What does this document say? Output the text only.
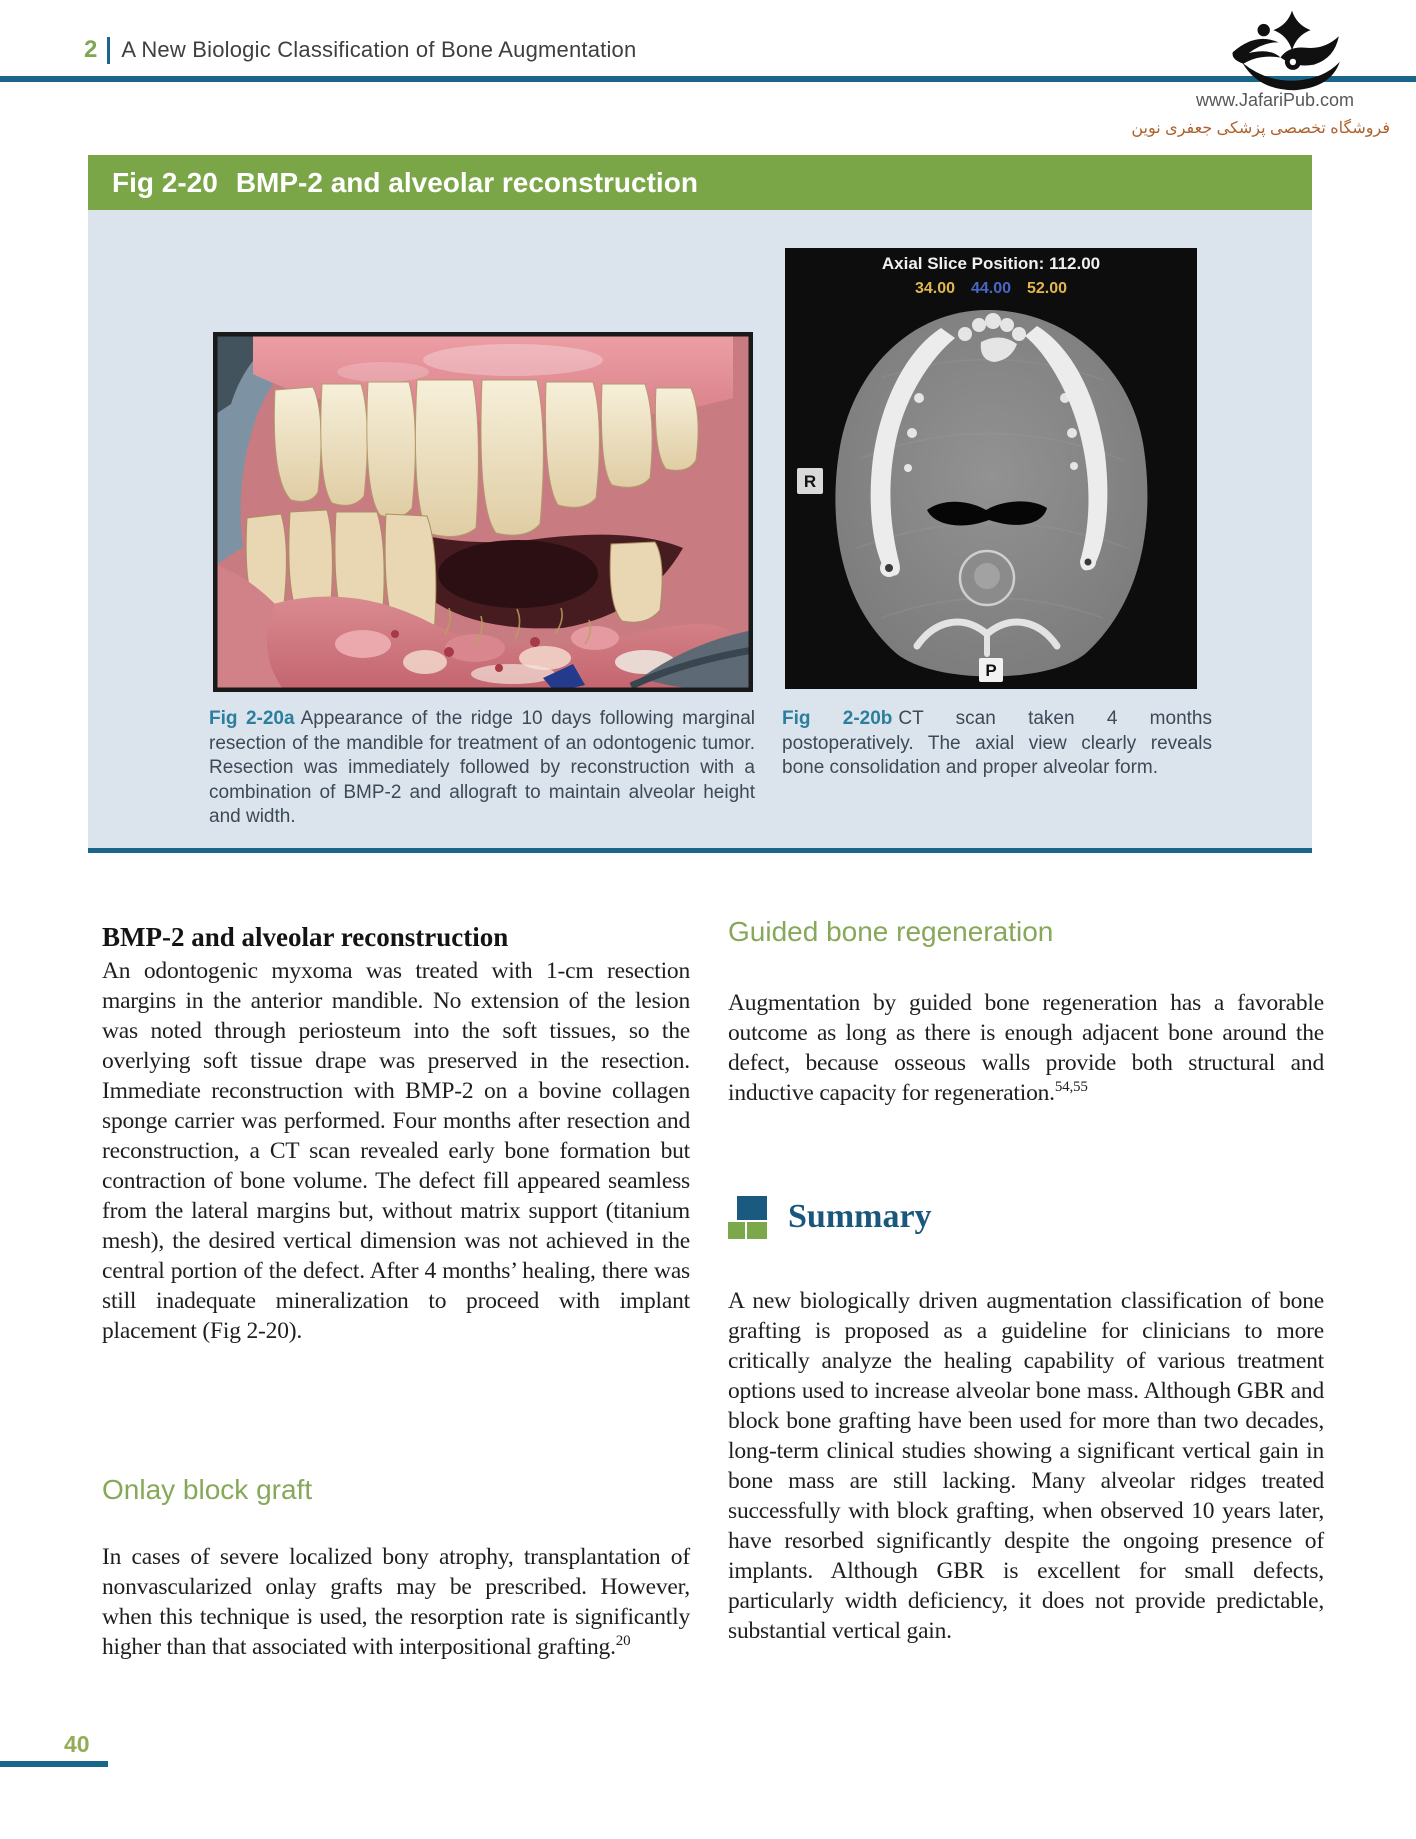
2 A New Biologic Classification of Bone Augmentation
www.JafariPub.com
فروشگاه تخصصی پزشکی جعفری نوین
Fig 2-20 BMP-2 and alveolar reconstruction
Axial Slice Position: 112.00
34.00 44.00 52.00
R
P
Fig 2-20a Appearance of the ridge 10 days following marginal resection of the mandible for treatment of an odontogenic tumor. Resection was immediately followed by reconstruction with a combination of BMP-2 and allograft to maintain alveolar height and width.
Fig 2-20b CT scan taken 4 months postoperatively. The axial view clearly reveals bone consolidation and proper alveolar form.
BMP-2 and alveolar reconstruction

An odontogenic myxoma was treated with 1-cm resection margins in the anterior mandible. No extension of the lesion was noted through periosteum into the soft tissues, so the overlying soft tissue drape was preserved in the resection. Immediate reconstruction with BMP-2 on a bovine collagen sponge carrier was performed. Four months after resection and reconstruction, a CT scan revealed early bone formation but contraction of bone volume. The defect fill appeared seamless from the lateral margins but, without matrix support (titanium mesh), the desired vertical dimension was not achieved in the central portion of the defect. After 4 months’ healing, there was still inadequate mineralization to proceed with implant placement (Fig 2-20).

Onlay block graft

In cases of severe localized bony atrophy, transplantation of nonvascularized onlay grafts may be prescribed. However, when this technique is used, the resorption rate is significantly higher than that associated with interpositional grafting.$^{20}$

Guided bone regeneration

Augmentation by guided bone regeneration has a favorable outcome as long as there is enough adjacent bone around the defect, because osseous walls provide both structural and inductive capacity for regeneration.$^{54,55}$

Summary

A new biologically driven augmentation classification of bone grafting is proposed as a guideline for clinicians to more critically analyze the healing capability of various treatment options used to increase alveolar bone mass. Although GBR and block bone grafting have been used for more than two decades, long-term clinical studies showing a significant vertical gain in bone mass are still lacking. Many alveolar ridges treated successfully with block grafting, when observed 10 years later, have resorbed significantly despite the ongoing presence of implants. Although GBR is excellent for small defects, particularly width deficiency, it does not provide predictable, substantial vertical gain.

40
